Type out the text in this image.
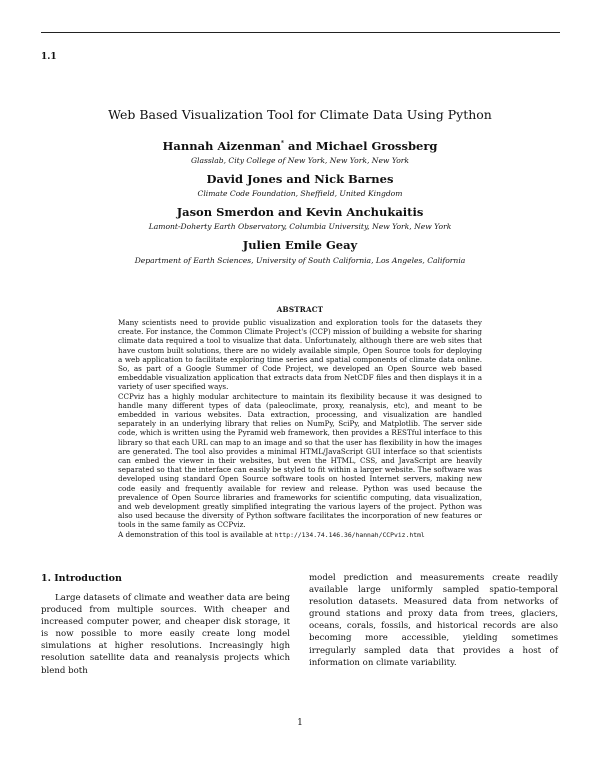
1.1
Web Based Visualization Tool for Climate Data Using Python
Hannah Aizenman* and Michael Grossberg
Glasslab, City College of New York, New York, New York
David Jones and Nick Barnes
Climate Code Foundation, Sheffield, United Kingdom
Jason Smerdon and Kevin Anchukaitis
Lamont-Doherty Earth Observatory, Columbia University, New York, New York
Julien Emile Geay
Department of Earth Sciences, University of South California, Los Angeles, California
ABSTRACT

Many scientists need to provide public visualization and exploration tools for the datasets they create. For instance, the Common Climate Project's (CCP) mission of building a website for sharing climate data required a tool to visualize that data. Unfortunately, although there are web sites that have custom built solutions, there are no widely available simple, Open Source tools for deploying a web application to facilitate exploring time series and spatial components of climate data online. So, as part of a Google Summer of Code Project, we developed an Open Source web based embeddable visualization application that extracts data from NetCDF files and then displays it in a variety of user specified ways.

CCPviz has a highly modular architecture to maintain its flexibility because it was designed to handle many different types of data (paleoclimate, proxy, reanalysis, etc), and meant to be embedded in various websites. Data extraction, processing, and visualization are handled separately in an underlying library that relies on NumPy, SciPy, and Matplotlib. The server side code, which is written using the Pyramid web framework, then provides a RESTful interface to this library so that each URL can map to an image and so that the user has flexibility in how the images are generated. The tool also provides a minimal HTML/JavaScript GUI interface so that scientists can embed the viewer in their websites, but even the HTML, CSS, and JavaScript are heavily separated so that the interface can easily be styled to fit within a larger website. The software was developed using standard Open Source software tools on hosted Internet servers, making new code easily and frequently available for review and release. Python was used because the prevalence of Open Source libraries and frameworks for scientific computing, data visualization, and web development greatly simplified integrating the various layers of the project. Python was also used because the diversity of Python software facilitates the incorporation of new features or tools in the same family as CCPviz.

A demonstration of this tool is available at http://134.74.146.36/hannah/CCPviz.html

1. Introduction
Large datasets of climate and weather data are being produced from multiple sources. With cheaper and increased computer power, and cheaper disk storage, it is now possible to more easily create long model simulations at higher resolutions. Increasingly high resolution satellite data and reanalysis projects which blend both
model prediction and measurements create readily available large uniformly sampled spatio-temporal resolution datasets. Measured data from networks of ground stations and proxy data from trees, glaciers, oceans, corals, fossils, and historical records are also becoming more accessible, yielding sometimes irregularly sampled data that provides a host of information on climate variability.
1
